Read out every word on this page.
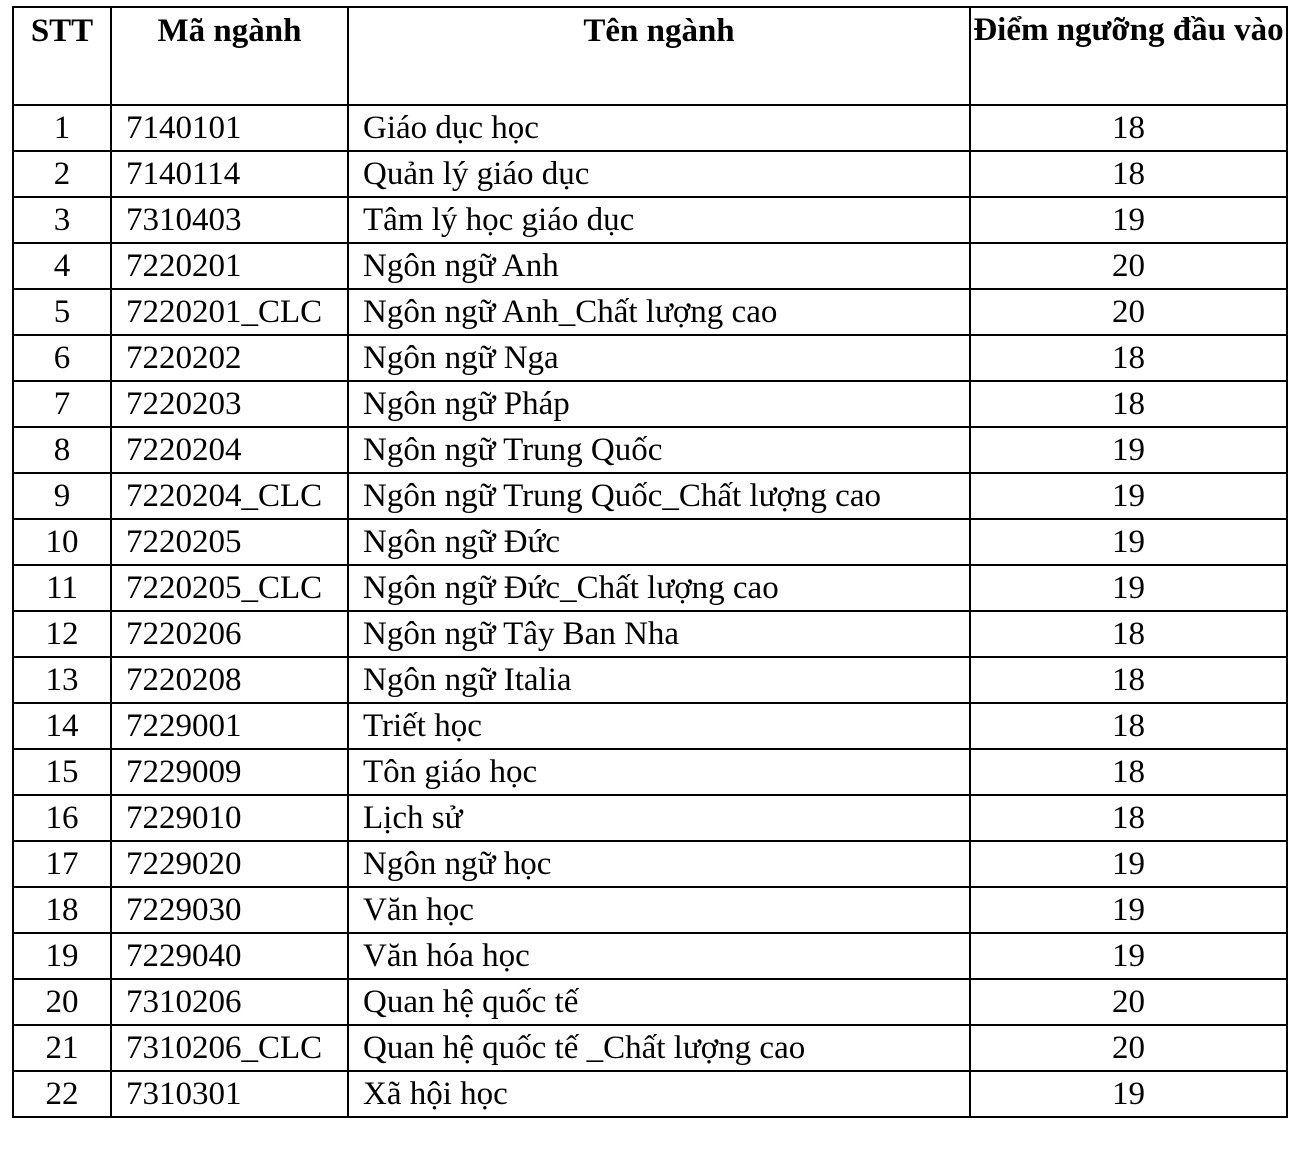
STT	Mã ngành	Tên ngành	Điểm ngưỡng đầu vào
1	7140101	Giáo dục học	18
2	7140114	Quản lý giáo dục	18
3	7310403	Tâm lý học giáo dục	19
4	7220201	Ngôn ngữ Anh	20
5	7220201_CLC	Ngôn ngữ Anh_Chất lượng cao	20
6	7220202	Ngôn ngữ Nga	18
7	7220203	Ngôn ngữ Pháp	18
8	7220204	Ngôn ngữ Trung Quốc	19
9	7220204_CLC	Ngôn ngữ Trung Quốc_Chất lượng cao	19
10	7220205	Ngôn ngữ Đức	19
11	7220205_CLC	Ngôn ngữ Đức_Chất lượng cao	19
12	7220206	Ngôn ngữ Tây Ban Nha	18
13	7220208	Ngôn ngữ Italia	18
14	7229001	Triết học	18
15	7229009	Tôn giáo học	18
16	7229010	Lịch sử	18
17	7229020	Ngôn ngữ học	19
18	7229030	Văn học	19
19	7229040	Văn hóa học	19
20	7310206	Quan hệ quốc tế	20
21	7310206_CLC	Quan hệ quốc tế _Chất lượng cao	20
22	7310301	Xã hội học	19
